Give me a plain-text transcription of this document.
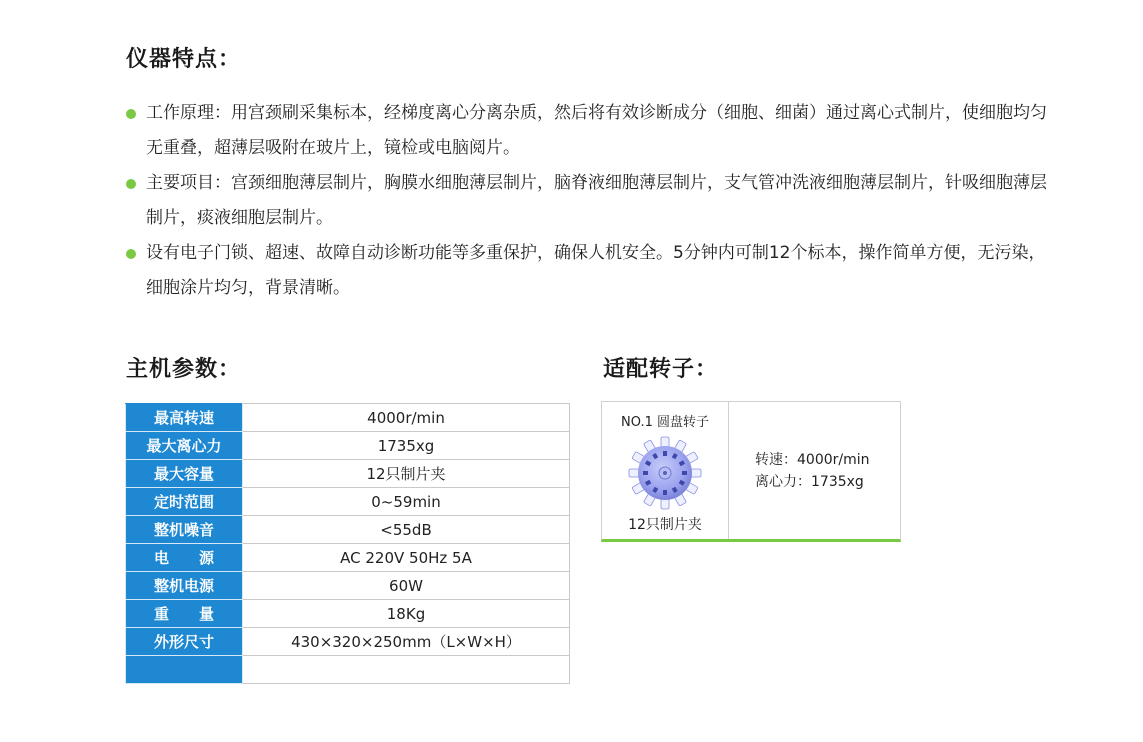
仪器特点：
工作原理：用宫颈刷采集标本，经梯度离心分离杂质，然后将有效诊断成分（细胞、细菌）通过离心式制片，使细胞均匀无重叠，超薄层吸附在玻片上，镜检或电脑阅片。
主要项目：宫颈细胞薄层制片，胸膜水细胞薄层制片，脑脊液细胞薄层制片，支气管冲洗液细胞薄层制片，针吸细胞薄层制片，痰液细胞层制片。
设有电子门锁、超速、故障自动诊断功能等多重保护，确保人机安全。5分钟内可制12个标本，操作简单方便，无污染，细胞涂片均匀，背景清晰。
主机参数：
最高转速	4000r/min
最大离心力	1735xg
最大容量	12只制片夹
定时范围	0~59min
整机噪音	<55dB
电　　源	AC 220V 50Hz 5A
整机电源	60W
重　　量	18Kg
外形尺寸	430×320×250mm（L×W×H）

适配转子：
NO.1 圆盘转子
12只制片夹
转速：4000r/min
离心力：1735xg
